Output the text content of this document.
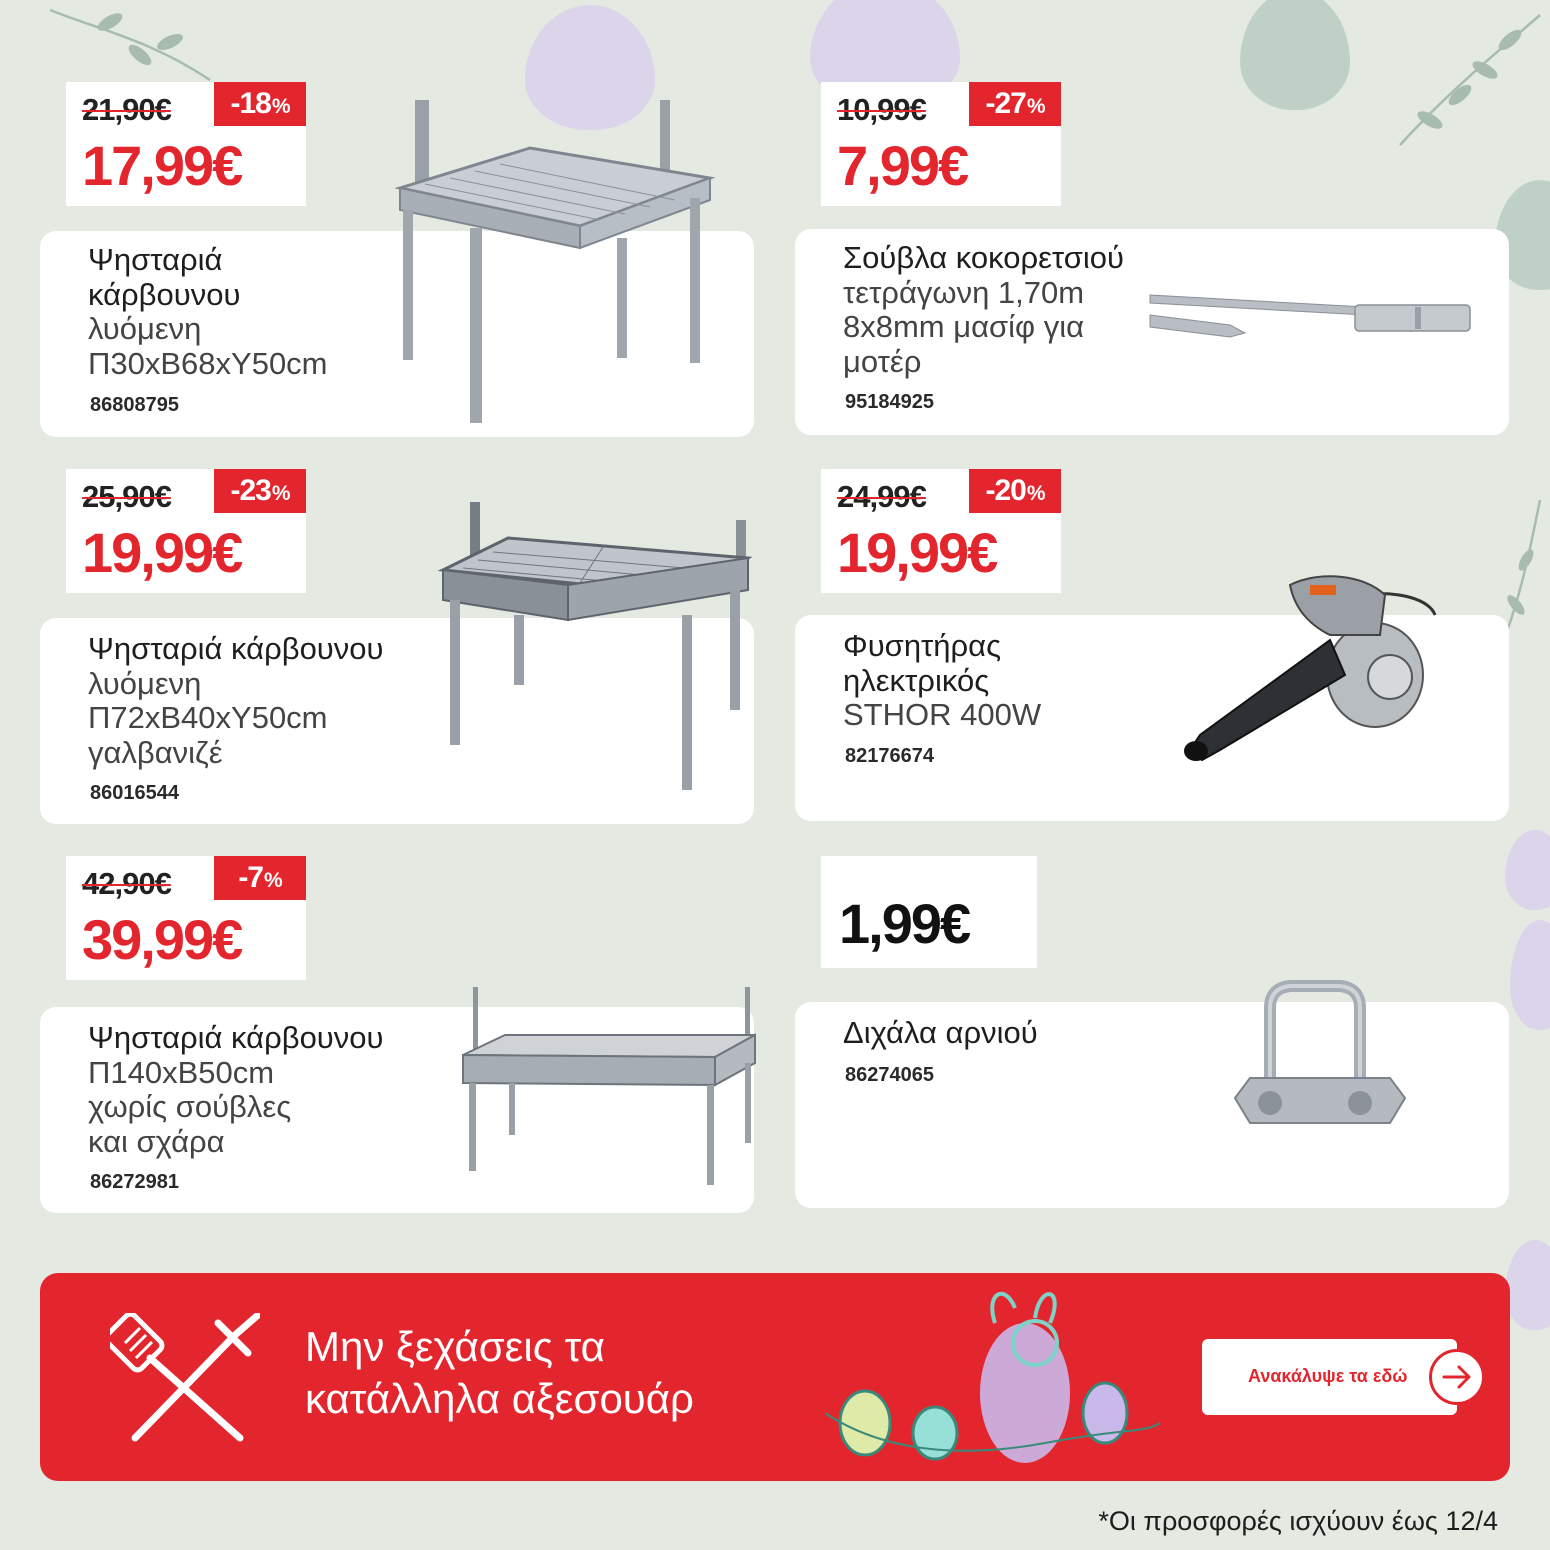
21,90€ -18 %
17,99€
Ψησταριά
κάρβουνου
λυόμενη
Π30xΒ68xΥ50cm
86808795
10,99€ -27 %
7,99€
Σούβλα κοκορετσιού
τετράγωνη 1,70m
8x8mm μασίφ για
μοτέρ
95184925
25,90€ -23 %
19,99€
Ψησταριά κάρβουνου
λυόμενη
Π72xΒ40xΥ50cm
γαλβανιζέ
86016544
24,99€ -20 %
19,99€
Φυσητήρας
ηλεκτρικός
STHOR 400W
82176674
42,90€ -7 %
39,99€
Ψησταριά κάρβουνου
Π140xΒ50cm
χωρίς σούβλες
και σχάρα
86272981
1,99€
Διχάλα αρνιού
86274065
Μην ξεχάσεις τα
κατάλληλα αξεσουάρ	Ανακάλυψε τα εδώ
*Οι προσφορές ισχύουν έως 12/4
